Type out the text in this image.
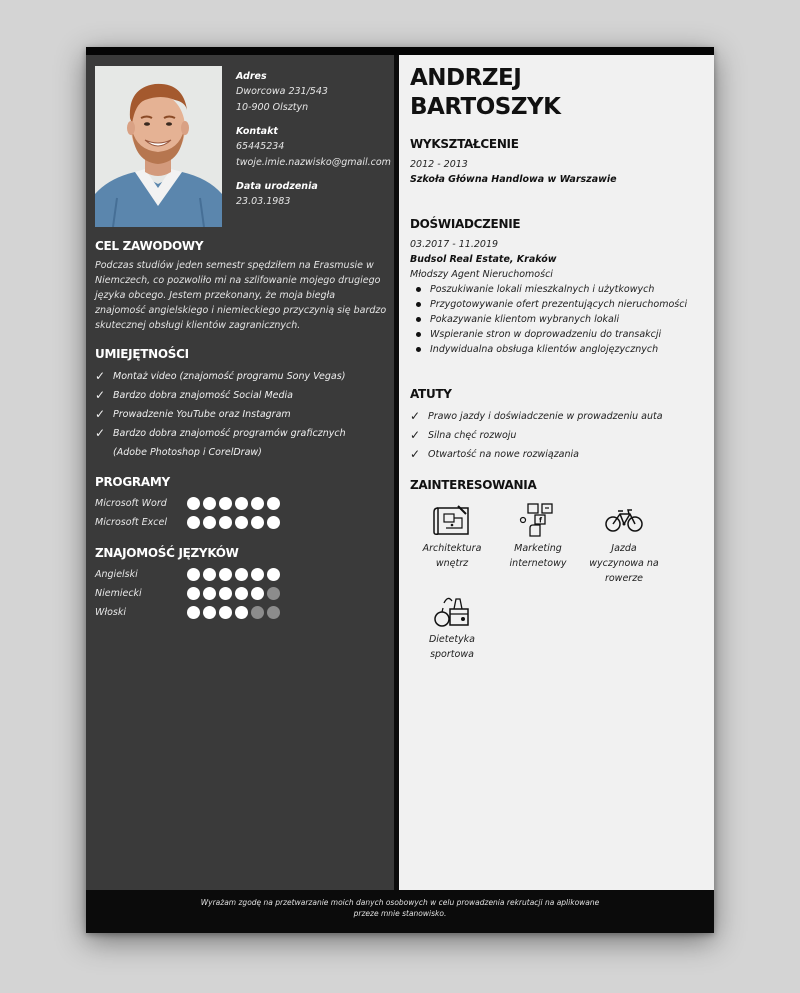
Adres
Dworcowa 231/543
10-900 Olsztyn
Kontakt
65445234
twoje.imie.nazwisko@gmail.com
Data urodzenia
23.03.1983
CEL ZAWODOWY

Podczas studiów jeden semestr spędziłem na Erasmusie w Niemczech, co pozwoliło mi na szlifowanie mojego drugiego języka obcego. Jestem przekonany, że moja biegła znajomość angielskiego i niemieckiego przyczynią się bardzo skutecznej obsługi klientów zagranicznych.

UMIEJĘTNOŚCI
✓ Montaż video (znajomość programu Sony Vegas)
✓ Bardzo dobra znajomość Social Media
✓ Prowadzenie YouTube oraz Instagram
✓ Bardzo dobra znajomość programów graficznych
(Adobe Photoshop i CorelDraw)
PROGRAMY
Microsoft Word
Microsoft Excel
ZNAJOMOŚĆ JĘZYKÓW
Angielski
Niemiecki
Włoski
ANDRZEJ
BARTOSZYK
WYKSZTAŁCENIE
2012 - 2013
Szkoła Główna Handlowa w Warszawie
DOŚWIADCZENIE
03.2017 - 11.2019
Budsol Real Estate, Kraków
Młodszy Agent Nieruchomości
Poszukiwanie lokali mieszkalnych i użytkowych
Przygotowywanie ofert prezentujących nieruchomości
Pokazywanie klientom wybranych lokali
Wspieranie stron w doprowadzeniu do transakcji
Indywidualna obsługa klientów anglojęzycznych
ATUTY
✓ Prawo jazdy i doświadczenie w prowadzeniu auta
✓ Silna chęć rozwoju
✓ Otwartość na nowe rozwiązania
ZAINTERESOWANIA
Architektura wnętrz
f
Marketing internetowy
Jazda wyczynowa na rowerze
Dietetyka sportowa
Wyrażam zgodę na przetwarzanie moich danych osobowych w celu prowadzenia rekrutacji na aplikowane przeze mnie stanowisko.
